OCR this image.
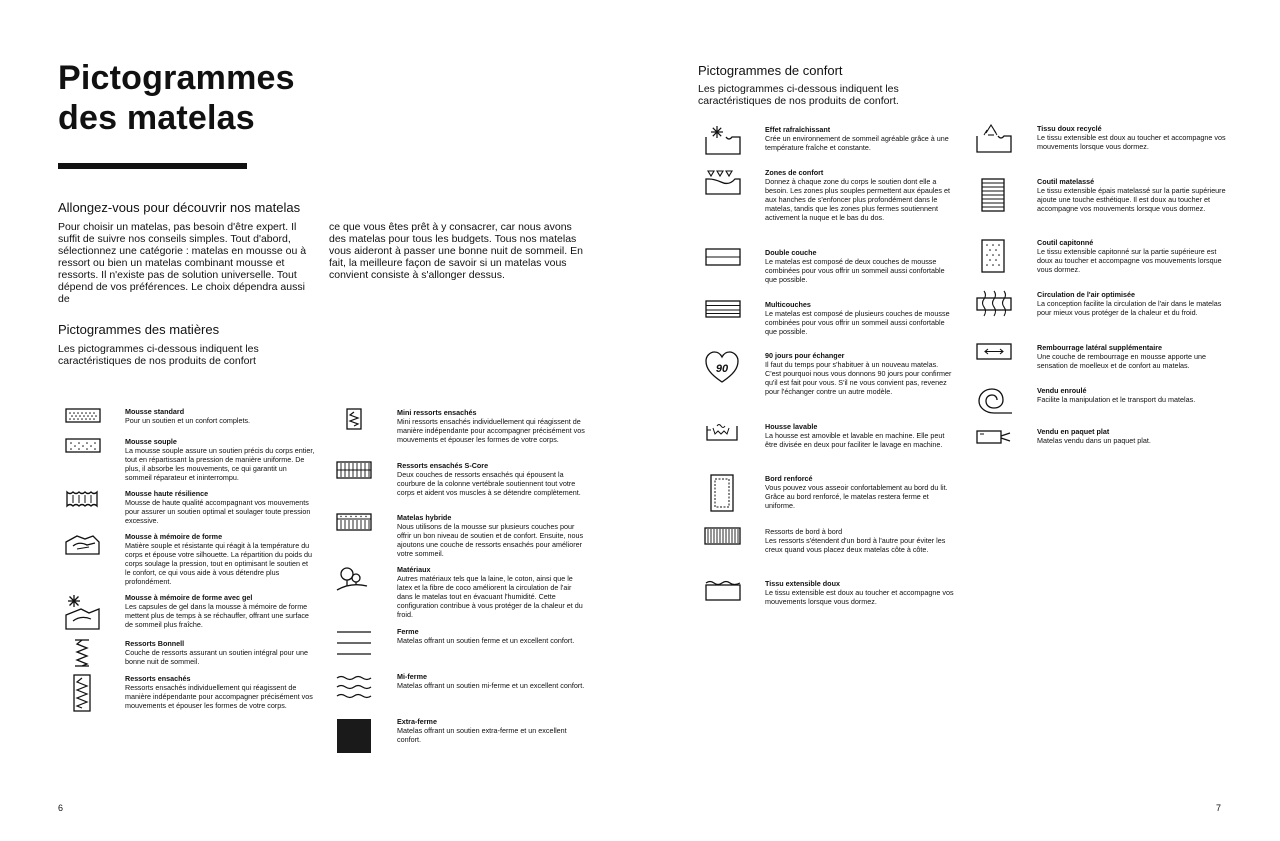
Pictogrammes
des matelas
Allongez-vous pour découvrir nos matelas

Pour choisir un matelas, pas besoin d'être expert. Il suffit de suivre nos conseils simples. Tout d'abord, sélectionnez une catégorie : matelas en mousse ou à ressort ou bien un matelas combinant mousse et ressorts. Il n'existe pas de solution universelle. Tout dépend de vos préférences. Le choix dépendra aussi de

ce que vous êtes prêt à y consacrer, car nous avons des matelas pour tous les budgets. Tous nos matelas vous aideront à passer une bonne nuit de sommeil. En fait, la meilleure façon de savoir si un matelas vous convient consiste à s'allonger dessus.

Pictogrammes des matières

Les pictogrammes ci-dessous indiquent les caractéristiques de nos produits de confort

Mousse standard
Pour un soutien et un confort complets.
Mousse souple
La mousse souple assure un soutien précis du corps entier, tout en répartissant la pression de manière uniforme. De plus, il absorbe les mouvements, ce qui garantit un sommeil réparateur et ininterrompu.
Mousse haute résilience
Mousse de haute qualité accompagnant vos mouvements pour assurer un soutien optimal et soulager toute pression excessive.
Mousse à mémoire de forme
Matière souple et résistante qui réagit à la température du corps et épouse votre silhouette. La répartition du poids du corps soulage la pression, tout en optimisant le soutien et le confort, ce qui vous aide à vous détendre plus profondément.
Mousse à mémoire de forme avec gel
Les capsules de gel dans la mousse à mémoire de forme mettent plus de temps à se réchauffer, offrant une surface de sommeil plus fraîche.
Ressorts Bonnell
Couche de ressorts assurant un soutien intégral pour une bonne nuit de sommeil.
Ressorts ensachés
Ressorts ensachés individuellement qui réagissent de manière indépendante pour accompagner précisément vos mouvements et épouser les formes de votre corps.
Mini ressorts ensachés
Mini ressorts ensachés individuellement qui réagissent de manière indépendante pour accompagner précisément vos mouvements et épouser les formes de votre corps.
Ressorts ensachés S-Core
Deux couches de ressorts ensachés qui épousent la courbure de la colonne vertébrale soutiennent tout votre corps et aident vos muscles à se détendre complètement.
Matelas hybride
Nous utilisons de la mousse sur plusieurs couches pour offrir un bon niveau de soutien et de confort. Ensuite, nous ajoutons une couche de ressorts ensachés pour améliorer votre sommeil.
Matériaux
Autres matériaux tels que la laine, le coton, ainsi que le latex et la fibre de coco améliorent la circulation de l'air dans le matelas tout en évacuant l'humidité. Cette configuration contribue à vous protéger de la chaleur et du froid.
Ferme
Matelas offrant un soutien ferme et un excellent confort.
Mi-ferme
Matelas offrant un soutien mi-ferme et un excellent confort.
Extra-ferme
Matelas offrant un soutien extra-ferme et un excellent confort.
6
Pictogrammes de confort

Les pictogrammes ci-dessous indiquent les caractéristiques de nos produits de confort.

Effet rafraîchissant
Crée un environnement de sommeil agréable grâce à une température fraîche et constante.
Zones de confort
Donnez à chaque zone du corps le soutien dont elle a besoin. Les zones plus souples permettent aux épaules et aux hanches de s'enfoncer plus profondément dans le matelas, tandis que les zones plus fermes soutiennent activement la nuque et le bas du dos.
Double couche
Le matelas est composé de deux couches de mousse combinées pour vous offrir un sommeil aussi confortable que possible.
Multicouches
Le matelas est composé de plusieurs couches de mousse combinées pour vous offrir un sommeil aussi confortable que possible.
90
90 jours pour échanger
Il faut du temps pour s'habituer à un nouveau matelas. C'est pourquoi nous vous donnons 90 jours pour confirmer qu'il est fait pour vous. S'il ne vous convient pas, revenez pour l'échanger contre un autre modèle.
Housse lavable
La housse est amovible et lavable en machine. Elle peut être divisée en deux pour faciliter le lavage en machine.
Bord renforcé
Vous pouvez vous asseoir confortablement au bord du lit. Grâce au bord renforcé, le matelas restera ferme et uniforme.
Ressorts de bord à bord
Les ressorts s'étendent d'un bord à l'autre pour éviter les creux quand vous placez deux matelas côte à côte.
Tissu extensible doux
Le tissu extensible est doux au toucher et accompagne vos mouvements lorsque vous dormez.
Tissu doux recyclé
Le tissu extensible est doux au toucher et accompagne vos mouvements lorsque vous dormez.
Coutil matelassé
Le tissu extensible épais matelassé sur la partie supérieure ajoute une touche esthétique. Il est doux au toucher et accompagne vos mouvements lorsque vous dormez.
Coutil capitonné
Le tissu extensible capitonné sur la partie supérieure est doux au toucher et accompagne vos mouvements lorsque vous dormez.
Circulation de l'air optimisée
La conception facilite la circulation de l'air dans le matelas pour mieux vous protéger de la chaleur et du froid.
Rembourrage latéral supplémentaire
Une couche de rembourrage en mousse apporte une sensation de moelleux et de confort au matelas.
Vendu enroulé
Facilite la manipulation et le transport du matelas.
Vendu en paquet plat
Matelas vendu dans un paquet plat.
7
